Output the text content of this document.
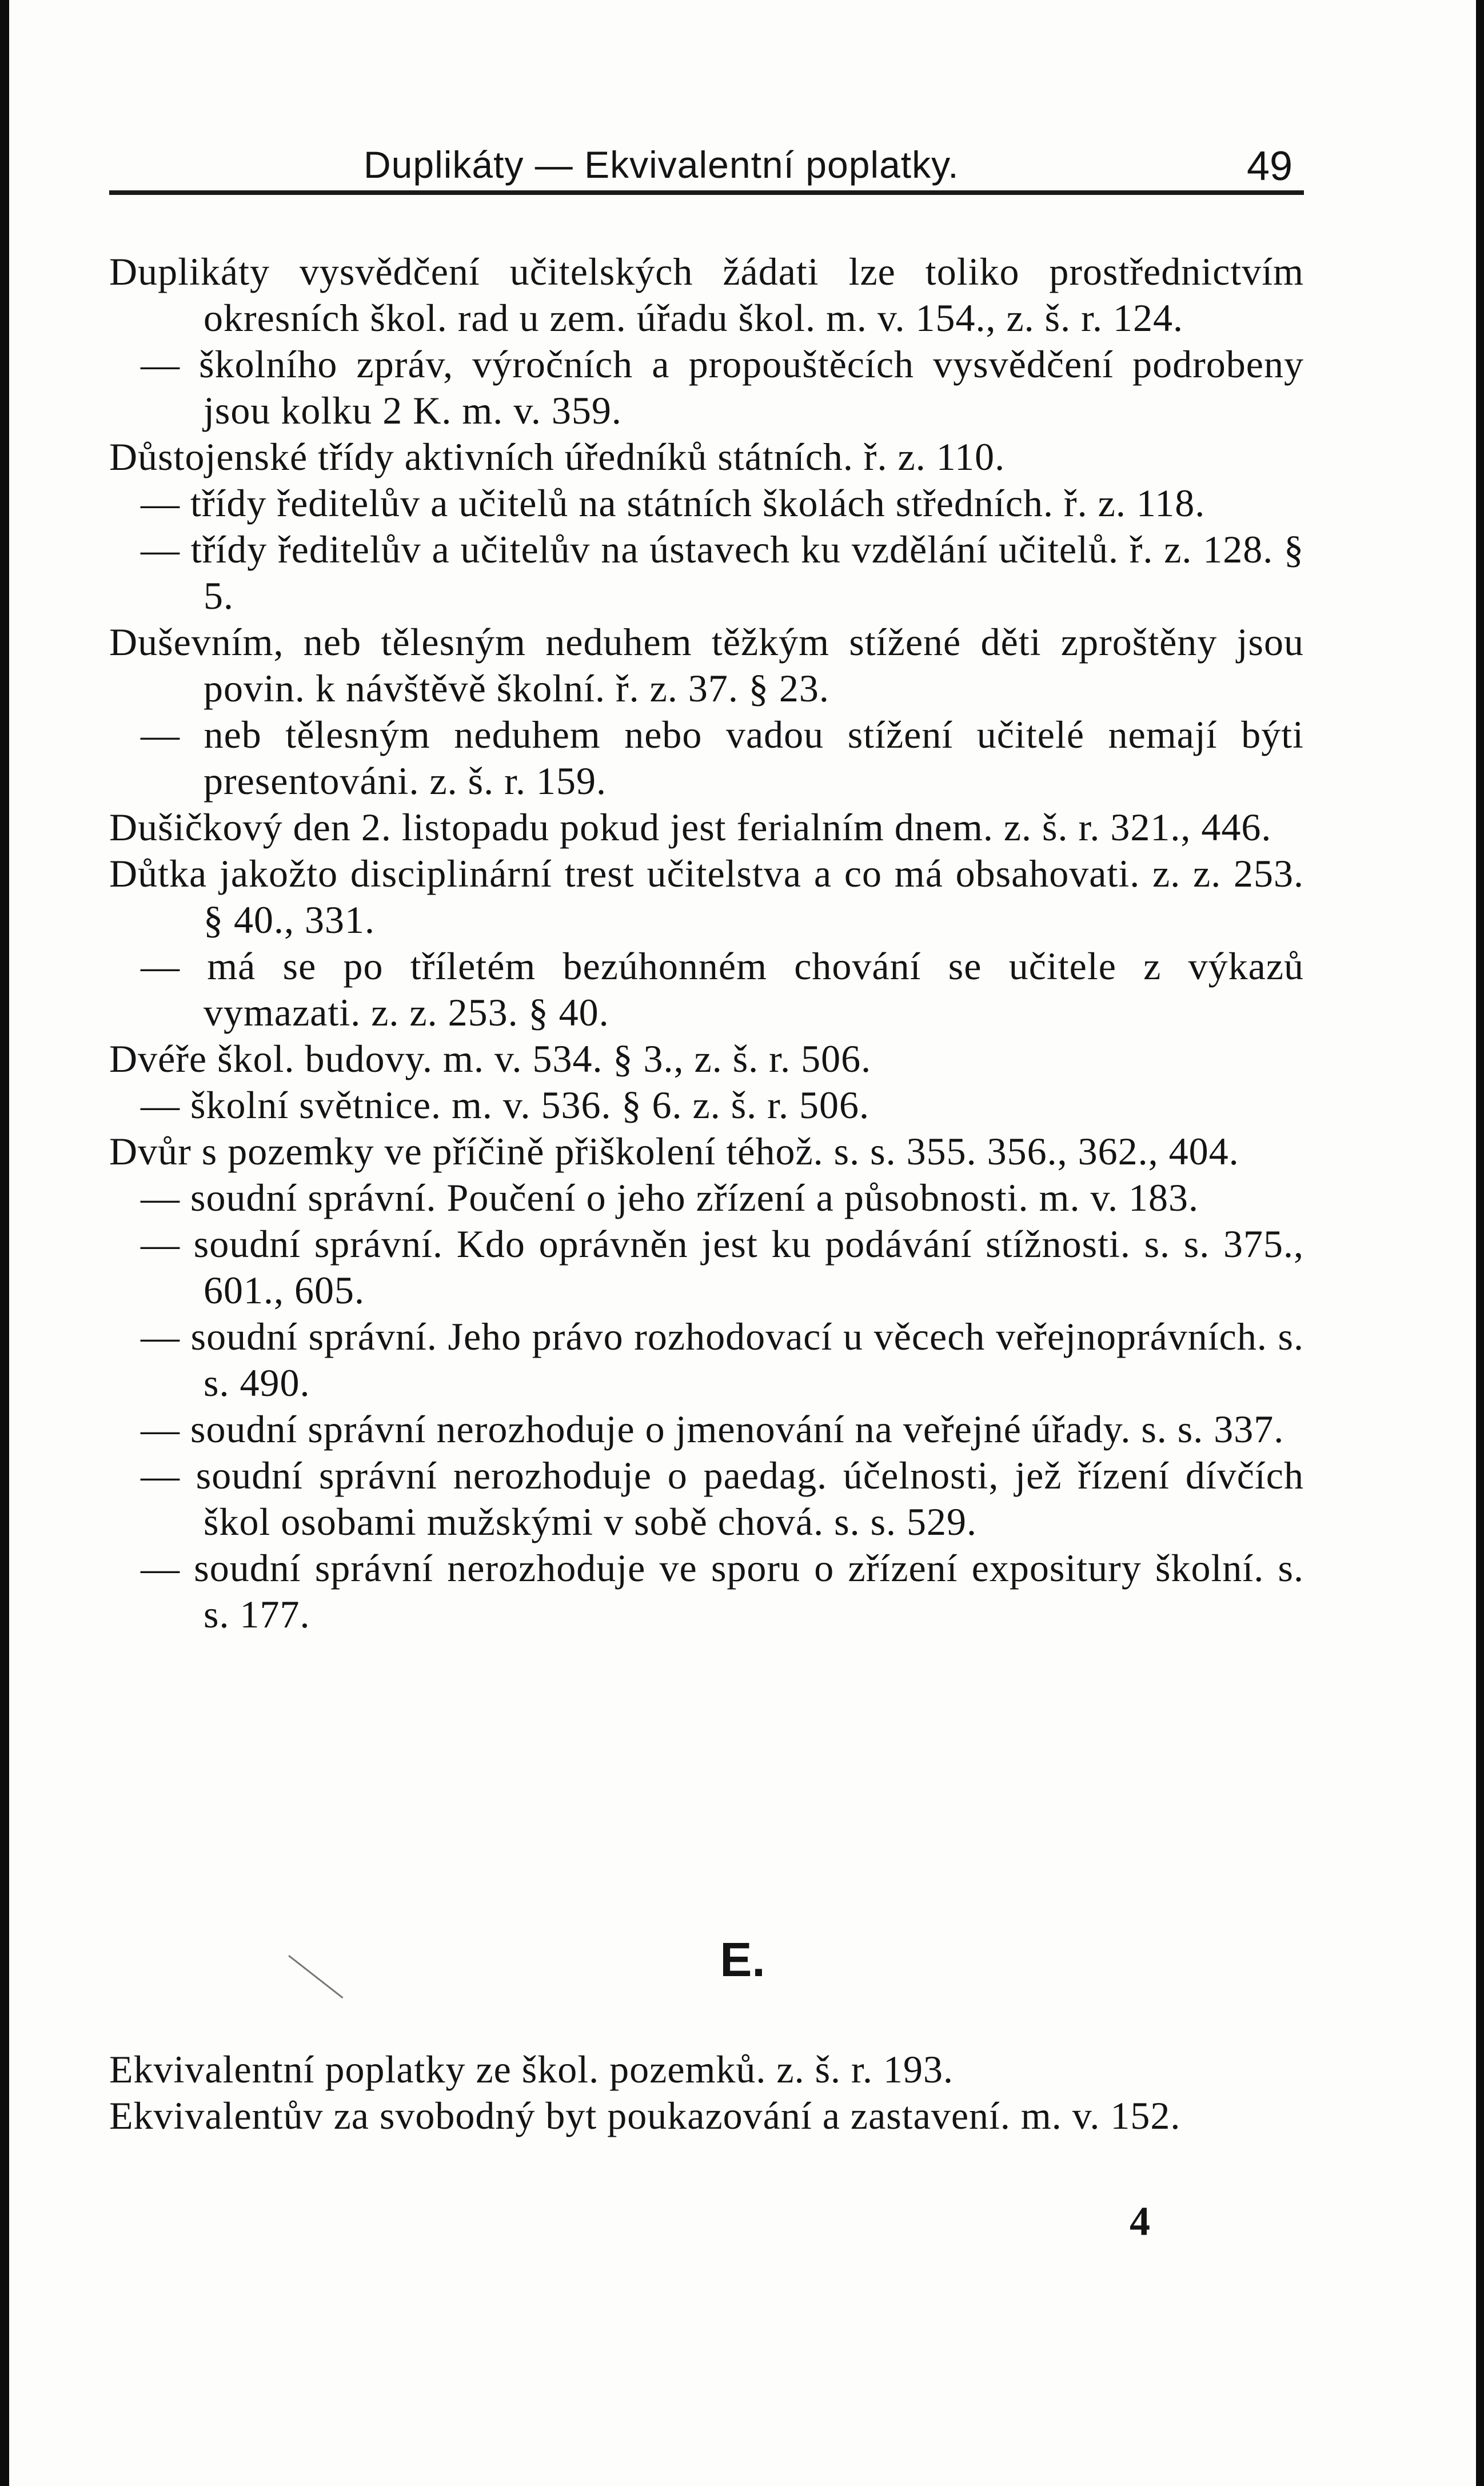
Duplikáty — Ekvivalentní poplatky.	49
Duplikáty vysvědčení učitelských žádati lze toliko prostřednictvím okresních škol. rad u zem. úřadu škol. m. v. 154., z. š. r. 124.
— školního zpráv, výročních a propouštěcích vysvědčení podrobeny jsou kolku 2 K. m. v. 359.
Důstojenské třídy aktivních úředníků státních. ř. z. 110.
— třídy ředitelův a učitelů na státních školách středních. ř. z. 118.
— třídy ředitelův a učitelův na ústavech ku vzdělání učitelů. ř. z. 128. § 5.
Duševním, neb tělesným neduhem těžkým stížené děti zproštěny jsou povin. k návštěvě školní. ř. z. 37. § 23.
— neb tělesným neduhem nebo vadou stížení učitelé nemají býti presentováni. z. š. r. 159.
Dušičkový den 2. listopadu pokud jest ferialním dnem. z. š. r. 321., 446.
Důtka jakožto disciplinární trest učitelstva a co má obsahovati. z. z. 253. § 40., 331.
— má se po tříletém bezúhonném chování se učitele z výkazů vymazati. z. z. 253. § 40.
Dvéře škol. budovy. m. v. 534. § 3., z. š. r. 506.
— školní světnice. m. v. 536. § 6. z. š. r. 506.
Dvůr s pozemky ve příčině přiškolení téhož. s. s. 355. 356., 362., 404.
— soudní správní. Poučení o jeho zřízení a působnosti. m. v. 183.
— soudní správní. Kdo oprávněn jest ku podávání stížnosti. s. s. 375., 601., 605.
— soudní správní. Jeho právo rozhodovací u věcech veřejnoprávních. s. s. 490.
— soudní správní nerozhoduje o jmenování na veřejné úřady. s. s. 337.
— soudní správní nerozhoduje o paedag. účelnosti, jež řízení dívčích škol osobami mužskými v sobě chová. s. s. 529.
— soudní správní nerozhoduje ve sporu o zřízení expositury školní. s. s. 177.
E.
Ekvivalentní poplatky ze škol. pozemků. z. š. r. 193.
Ekvivalentův za svobodný byt poukazování a zastavení. m. v. 152.
4
